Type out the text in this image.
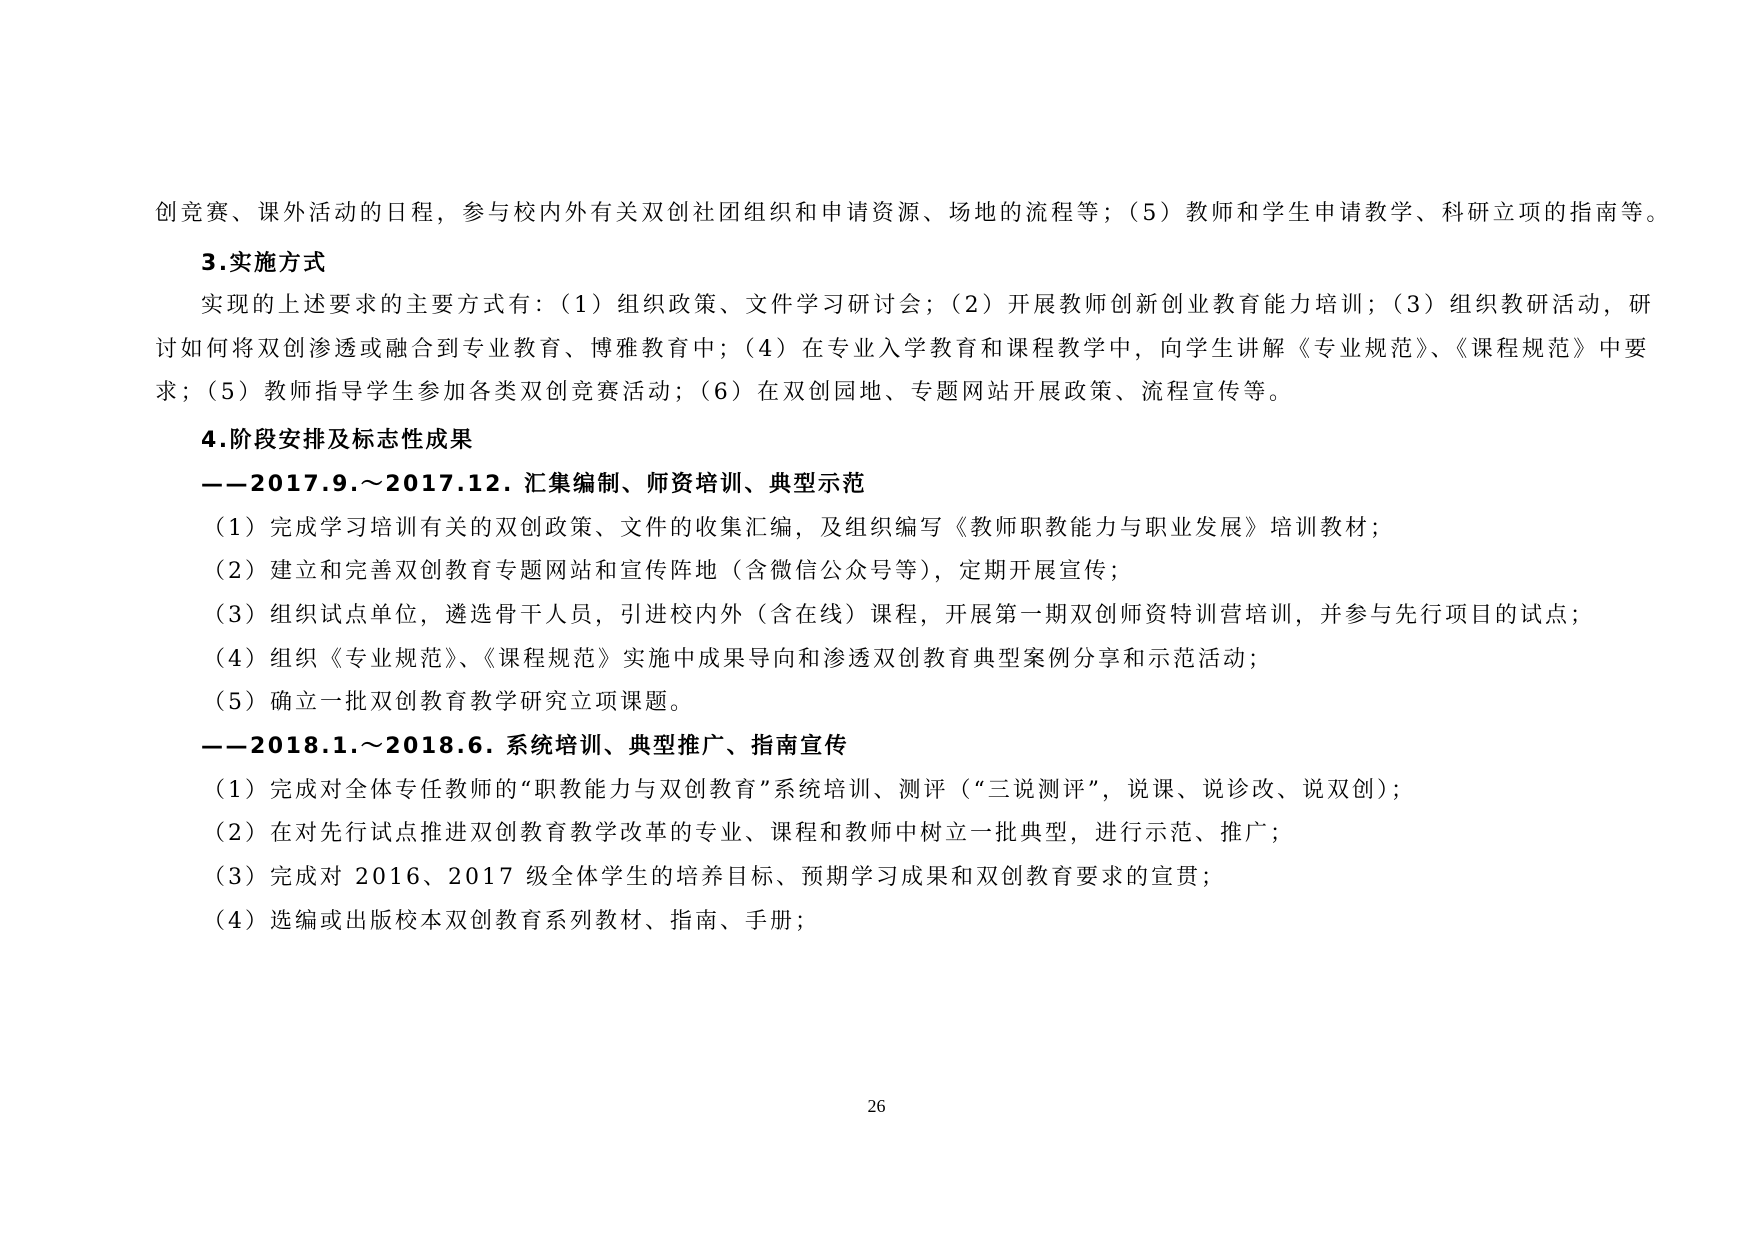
创竞赛、课外活动的日程，参与校内外有关双创社团组织和申请资源、场地的流程等；（5）教师和学生申请教学、科研立项的指南等。
3.实施方式
实现的上述要求的主要方式有：（1）组织政策、文件学习研讨会；（2）开展教师创新创业教育能力培训；（3）组织教研活动，研
讨如何将双创渗透或融合到专业教育、博雅教育中；（4）在专业入学教育和课程教学中，向学生讲解《专业规范》、《课程规范》中要
求；（5）教师指导学生参加各类双创竞赛活动；（6）在双创园地、专题网站开展政策、流程宣传等。
4.阶段安排及标志性成果
——2017.9.～2017.12. 汇集编制、师资培训、典型示范
（1）完成学习培训有关的双创政策、文件的收集汇编，及组织编写《教师职教能力与职业发展》培训教材；
（2）建立和完善双创教育专题网站和宣传阵地（含微信公众号等），定期开展宣传；
（3）组织试点单位，遴选骨干人员，引进校内外（含在线）课程，开展第一期双创师资特训营培训，并参与先行项目的试点；
（4）组织《专业规范》、《课程规范》实施中成果导向和渗透双创教育典型案例分享和示范活动；
（5）确立一批双创教育教学研究立项课题。
——2018.1.～2018.6. 系统培训、典型推广、指南宣传
（1）完成对全体专任教师的“职教能力与双创教育”系统培训、测评（“三说测评”，说课、说诊改、说双创）；
（2）在对先行试点推进双创教育教学改革的专业、课程和教师中树立一批典型，进行示范、推广；
（3）完成对 2016、2017 级全体学生的培养目标、预期学习成果和双创教育要求的宣贯；
（4）选编或出版校本双创教育系列教材、指南、手册；
26
